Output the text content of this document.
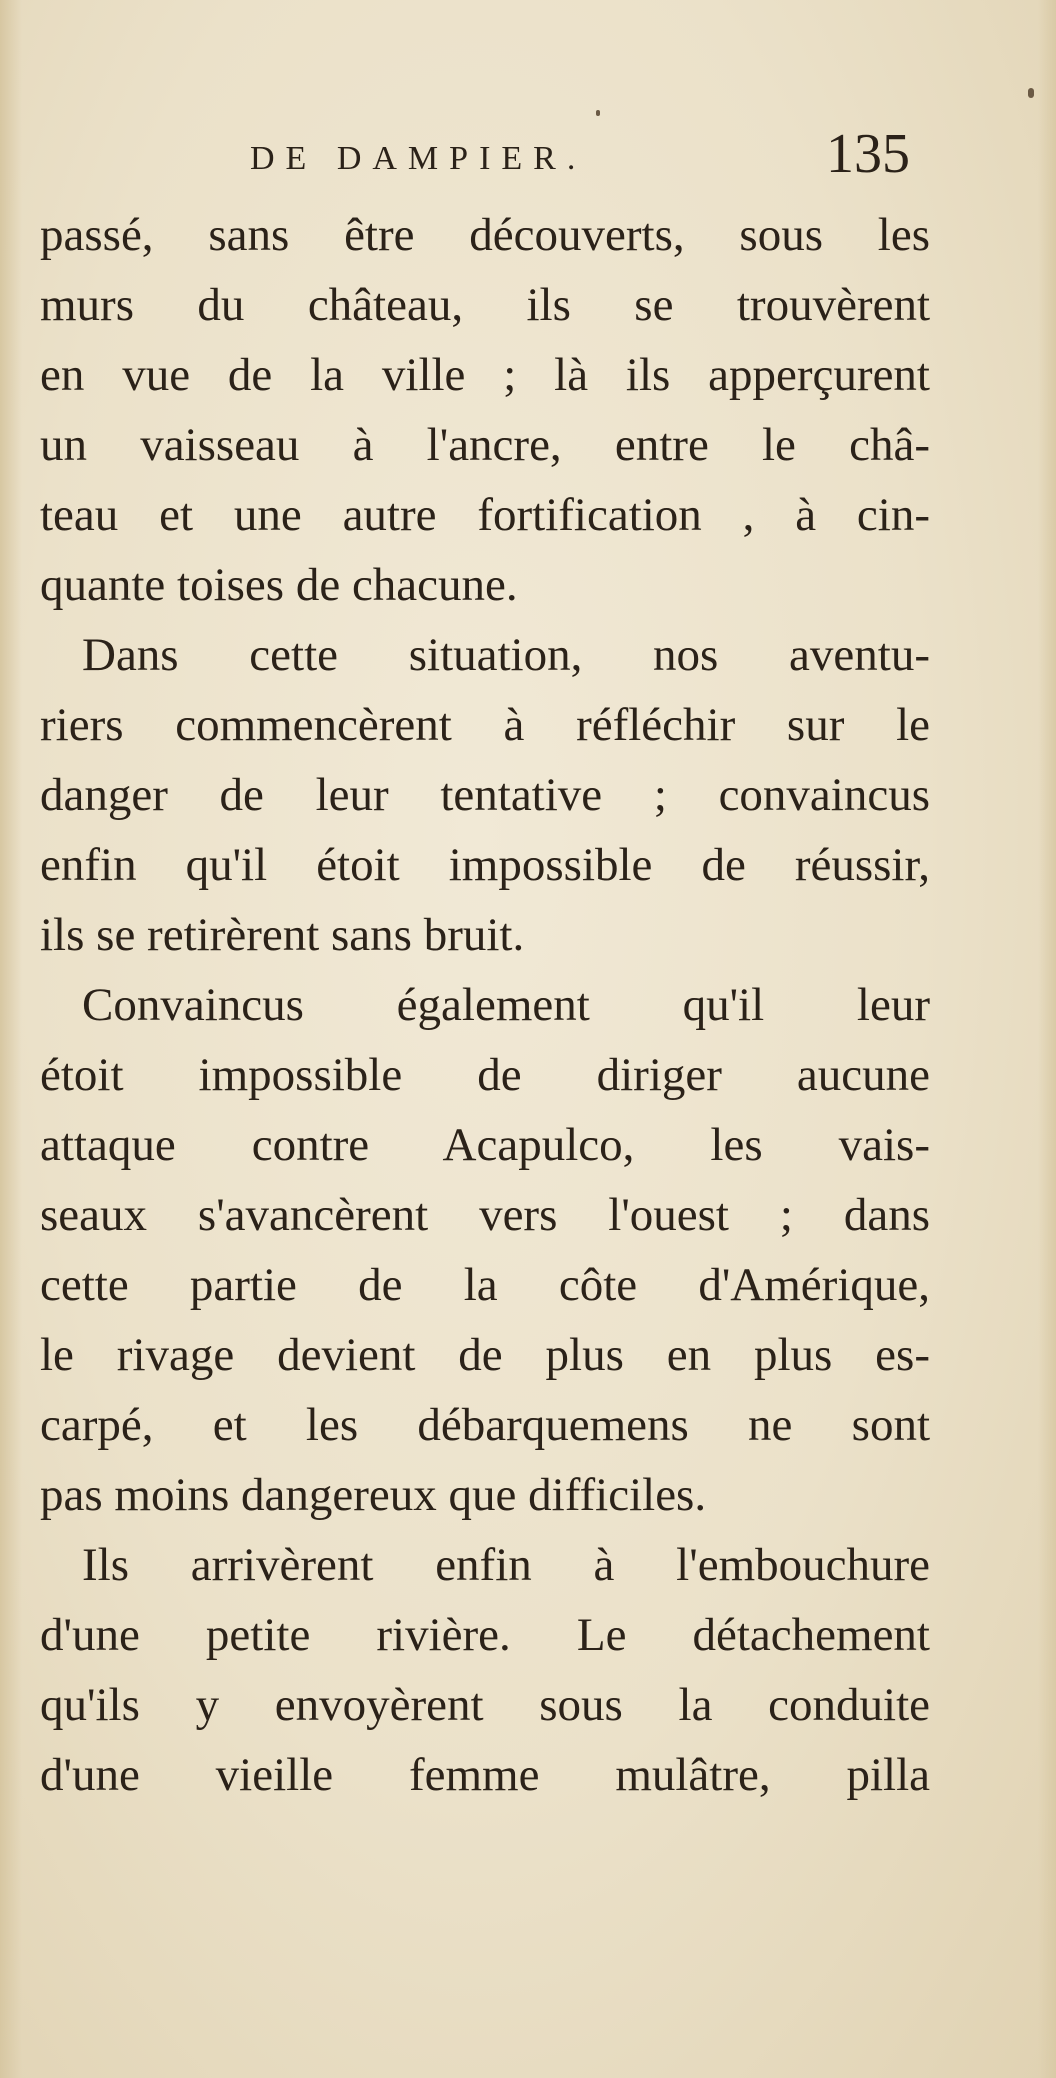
DE DAMPIER.	135
passé, sans être découverts, sous les
murs du château, ils se trouvèrent
en vue de la ville ; là ils apperçurent
un vaisseau à l'ancre, entre le châ-
teau et une autre fortification , à cin-
quante toises de chacune.
Dans cette situation, nos aventu-
riers commencèrent à réfléchir sur le
danger de leur tentative ; convaincus
enfin qu'il étoit impossible de réussir,
ils se retirèrent sans bruit.
Convaincus également qu'il leur
étoit impossible de diriger aucune
attaque contre Acapulco, les vais-
seaux s'avancèrent vers l'ouest ; dans
cette partie de la côte d'Amérique,
le rivage devient de plus en plus es-
carpé, et les débarquemens ne sont
pas moins dangereux que difficiles.
Ils arrivèrent enfin à l'embouchure
d'une petite rivière. Le détachement
qu'ils y envoyèrent sous la conduite
d'une vieille femme mulâtre, pilla
